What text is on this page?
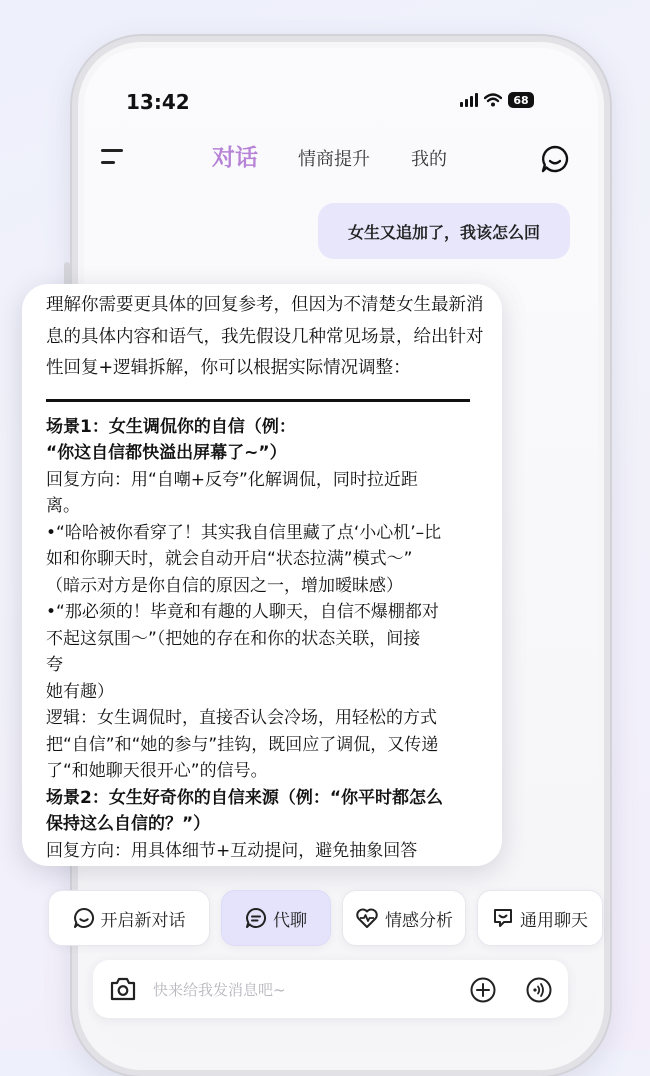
13:42	68
对话 情商提升 我的
女生又追加了，我该怎么回
理解你需要更具体的回复参考，但因为不清楚女生最新消息的具体内容和语气，我先假设几种常见场景，给出针对性回复+逻辑拆解，你可以根据实际情况调整：
场景1：女生调侃你的自信（例：
“你这自信都快溢出屏幕了~”）
回复方向：用“自嘲+反夸”化解调侃，同时拉近距
离。
•“哈哈被你看穿了！其实我自信里藏了点‘小心机’–比
如和你聊天时，就会自动开启“状态拉满”模式～”
（暗示对方是你自信的原因之一，增加暧昧感）
•“那必须的！毕竟和有趣的人聊天，自信不爆棚都对
不起这氛围～”（把她的存在和你的状态关联，间接
夸
她有趣）
逻辑：女生调侃时，直接否认会冷场，用轻松的方式
把“自信”和“她的参与”挂钩，既回应了调侃，又传递
了“和她聊天很开心”的信号。
场景2：女生好奇你的自信来源（例：“你平时都怎么
保持这么自信的？”）
回复方向：用具体细节+互动提问，避免抽象回答
开启新对话	代聊	情感分析	通用聊天
快来给我发消息吧~
